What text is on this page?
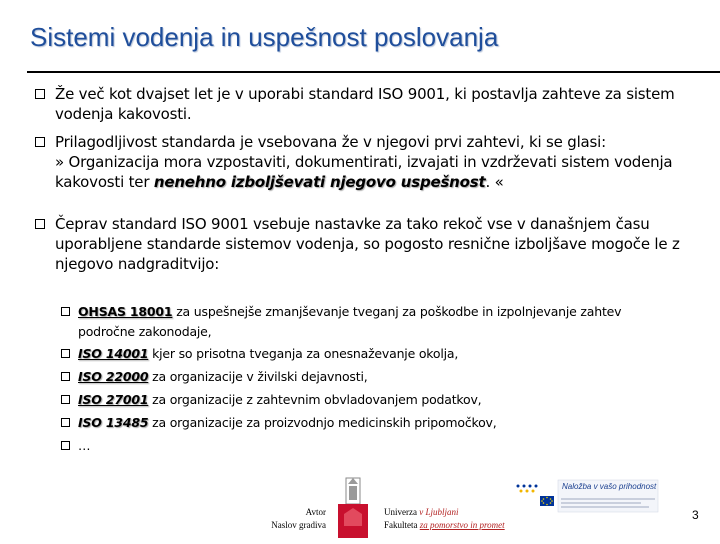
Sistemi vodenja in uspešnost poslovanja
Že več kot dvajset let je v uporabi standard ISO 9001, ki postavlja zahteve za sistem vodenja kakovosti.
Prilagodljivost standarda je vsebovana že v njegovi prvi zahtevi, ki se glasi:
» Organizacija mora vzpostaviti, dokumentirati, izvajati in vzdrževati sistem vodenja kakovosti ter nenehno izboljševati njegovo uspešnost. «
Čeprav standard ISO 9001 vsebuje nastavke za tako rekoč vse v današnjem času uporabljene standarde sistemov vodenja, so pogosto resnične izboljšave mogoče le z njegovo nadgraditvijo:
OHSAS 18001 za uspešnejše zmanjševanje tveganj za poškodbe in izpolnjevanje zahtev
področne zakonodaje,
ISO 14001 kjer so prisotna tveganja za onesnaževanje okolja,
ISO 22000 za organizacije v živilski dejavnosti,
ISO 27001 za organizacije z zahtevnim obvladovanjem podatkov,
ISO 13485 za organizacije za proizvodnjo medicinskih pripomočkov,
…
Avtor
Naslov gradiva
Univerza v Ljubljani
Fakulteta za pomorstvo in promet
Naložba v vašo prihodnost
3
